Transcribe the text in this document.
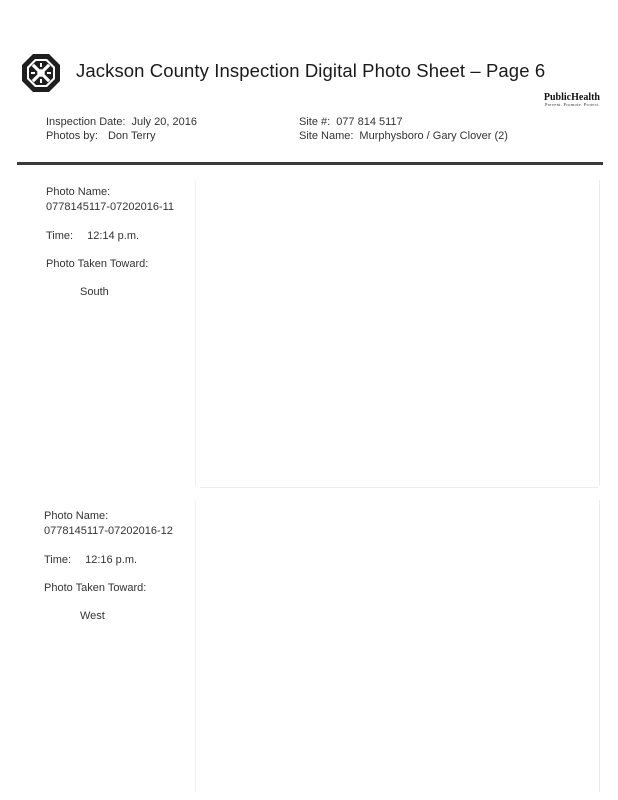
Jackson County Inspection Digital Photo Sheet – Page 6
PublicHealth
Prevent. Promote. Protect.
Inspection Date: July 20, 2016
Photos by: Don Terry
Site #: 077 814 5117
Site Name: Murphysboro / Gary Clover (2)
Photo Name:
0778145117-07202016-11
Time: 12:14 p.m.
Photo Taken Toward:
South
Photo Name:
0778145117-07202016-12
Time: 12:16 p.m.
Photo Taken Toward:
West
